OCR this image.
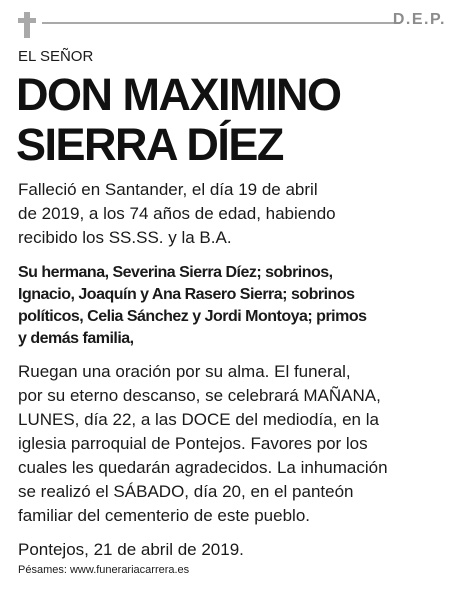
D.E.P.
EL SEÑOR
DON MAXIMINO
SIERRA DÍEZ
Falleció en Santander, el día 19 de abril
de 2019, a los 74 años de edad, habiendo
recibido los SS.SS. y la B.A.
Su hermana, Severina Sierra Díez; sobrinos,
Ignacio, Joaquín y Ana Rasero Sierra; sobrinos
políticos, Celia Sánchez y Jordi Montoya; primos
y demás familia,
Ruegan una oración por su alma. El funeral,
por su eterno descanso, se celebrará MAÑANA,
LUNES, día 22, a las DOCE del mediodía, en la
iglesia parroquial de Pontejos. Favores por los
cuales les quedarán agradecidos. La inhumación
se realizó el SÁBADO, día 20, en el panteón
familiar del cementerio de este pueblo.
Pontejos, 21 de abril de 2019.
Pésames: www.funerariacarrera.es
